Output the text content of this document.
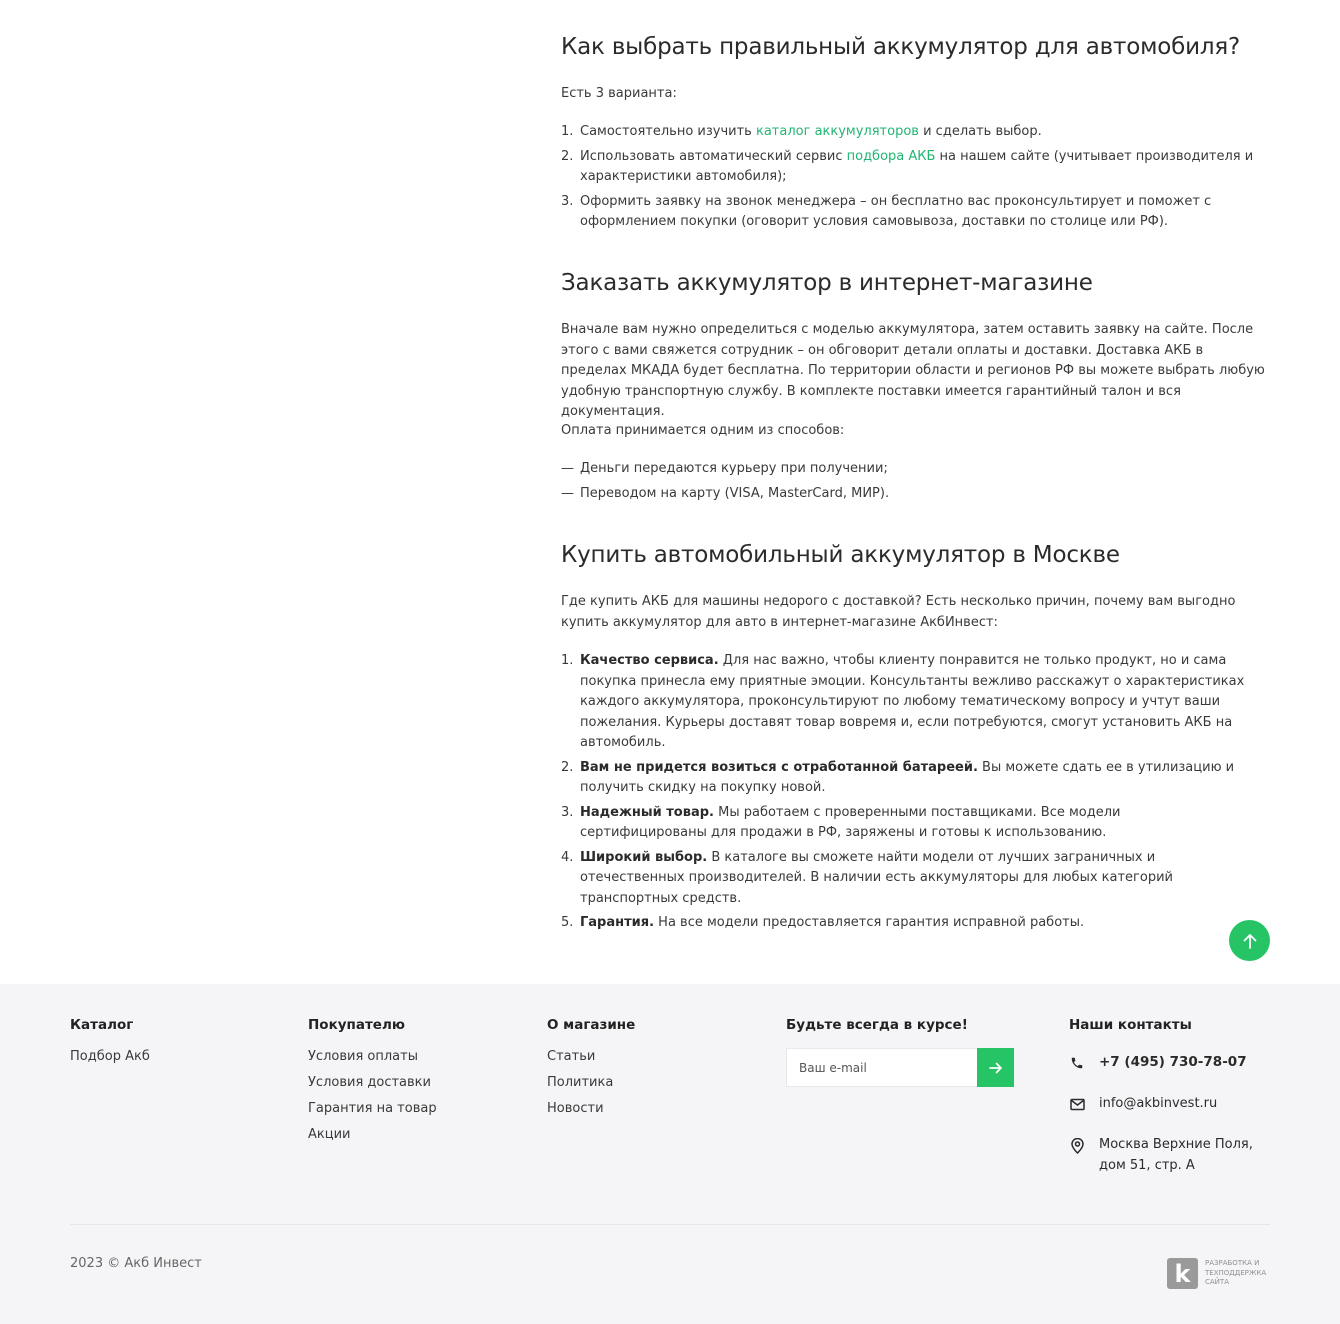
Как выбрать правильный аккумулятор для автомобиля?

Есть 3 варианта:

1. Самостоятельно изучить каталог аккумуляторов и сделать выбор.
2. Использовать автоматический сервис подбора АКБ на нашем сайте (учитывает производителя и характеристики автомобиля);
3. Оформить заявку на звонок менеджера – он бесплатно вас проконсультирует и поможет с оформлением покупки (оговорит условия самовывоза, доставки по столице или РФ).
Заказать аккумулятор в интернет-магазине

Вначале вам нужно определиться с моделью аккумулятора, затем оставить заявку на сайте. После этого с вами свяжется сотрудник – он обговорит детали оплаты и доставки. Доставка АКБ в пределах МКАДА будет бесплатна. По территории области и регионов РФ вы можете выбрать любую удобную транспортную службу. В комплекте поставки имеется гарантийный талон и вся документация.

Оплата принимается одним из способов:

— Деньги передаются курьеру при получении;
— Переводом на карту (VISA, MasterCard, МИР).
Купить автомобильный аккумулятор в Москве

Где купить АКБ для машины недорого с доставкой? Есть несколько причин, почему вам выгодно купить аккумулятор для авто в интернет-магазине АкбИнвест:

1. Качество сервиса. Для нас важно, чтобы клиенту понравится не только продукт, но и сама покупка принесла ему приятные эмоции. Консультанты вежливо расскажут о характеристиках каждого аккумулятора, проконсультируют по любому тематическому вопросу и учтут ваши пожелания. Курьеры доставят товар вовремя и, если потребуются, смогут установить АКБ на автомобиль.
2. Вам не придется возиться с отработанной батареей. Вы можете сдать ее в утилизацию и получить скидку на покупку новой.
3. Надежный товар. Мы работаем с проверенными поставщиками. Все модели сертифицированы для продажи в РФ, заряжены и готовы к использованию.
4. Широкий выбор. В каталоге вы сможете найти модели от лучших заграничных и отечественных производителей. В наличии есть аккумуляторы для любых категорий транспортных средств.
5. Гарантия. На все модели предоставляется гарантия исправной работы.
Каталог
Подбор Акб
Покупателю
Условия оплаты
Условия доставки
Гарантия на товар
Акции
О магазине
Статьи
Политика
Новости
Будьте всегда в курсе!
Ваш e-mail	Наши контакты
+7 (495) 730-78-07
info@akbinvest.ru
Москва Верхние Поля, дом 51, стр. А
2023 © Акб Инвест	k	РАЗРАБОТКА И ТЕХПОДДЕРЖКА САЙТА
